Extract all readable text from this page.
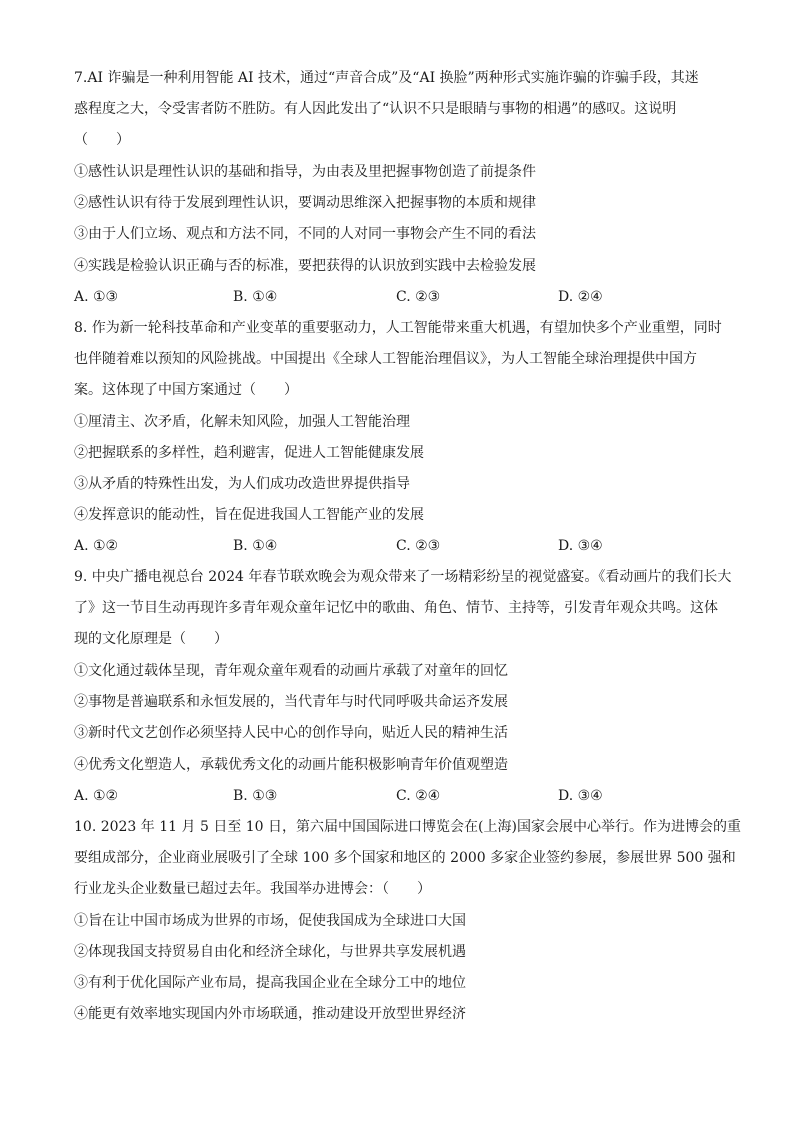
7.AI 诈骗是一种利用智能 AI 技术，通过“声音合成”及“AI 换脸”两种形式实施诈骗的诈骗手段，其迷
惑程度之大，令受害者防不胜防。有人因此发出了“认识不只是眼睛与事物的相遇”的感叹。这说明
（　　）
①感性认识是理性认识的基础和指导，为由表及里把握事物创造了前提条件
②感性认识有待于发展到理性认识，要调动思维深入把握事物的本质和规律
③由于人们立场、观点和方法不同，不同的人对同一事物会产生不同的看法
④实践是检验认识正确与否的标准，要把获得的认识放到实践中去检验发展
A. ①③	B. ①④	C. ②③	D. ②④
8. 作为新一轮科技革命和产业变革的重要驱动力，人工智能带来重大机遇，有望加快多个产业重塑，同时
也伴随着难以预知的风险挑战。中国提出《全球人工智能治理倡议》，为人工智能全球治理提供中国方
案。这体现了中国方案通过（　　）
①厘清主、次矛盾，化解未知风险，加强人工智能治理
②把握联系的多样性，趋利避害，促进人工智能健康发展
③从矛盾的特殊性出发，为人们成功改造世界提供指导
④发挥意识的能动性，旨在促进我国人工智能产业的发展
A. ①②	B. ①④	C. ②③	D. ③④
9. 中央广播电视总台 2024 年春节联欢晚会为观众带来了一场精彩纷呈的视觉盛宴。《看动画片的我们长大
了》这一节目生动再现许多青年观众童年记忆中的歌曲、角色、情节、主持等，引发青年观众共鸣。这体
现的文化原理是（　　）
①文化通过载体呈现，青年观众童年观看的动画片承载了对童年的回忆
②事物是普遍联系和永恒发展的，当代青年与时代同呼吸共命运齐发展
③新时代文艺创作必须坚持人民中心的创作导向，贴近人民的精神生活
④优秀文化塑造人，承载优秀文化的动画片能积极影响青年价值观塑造
A. ①②	B. ①③	C. ②④	D. ③④
10. 2023 年 11 月 5 日至 10 日，第六届中国国际进口博览会在(上海)国家会展中心举行。作为进博会的重
要组成部分，企业商业展吸引了全球 100 多个国家和地区的 2000 多家企业签约参展，参展世界 500 强和
行业龙头企业数量已超过去年。我国举办进博会：（　　）
①旨在让中国市场成为世界的市场，促使我国成为全球进口大国
②体现我国支持贸易自由化和经济全球化，与世界共享发展机遇
③有利于优化国际产业布局，提高我国企业在全球分工中的地位
④能更有效率地实现国内外市场联通，推动建设开放型世界经济
